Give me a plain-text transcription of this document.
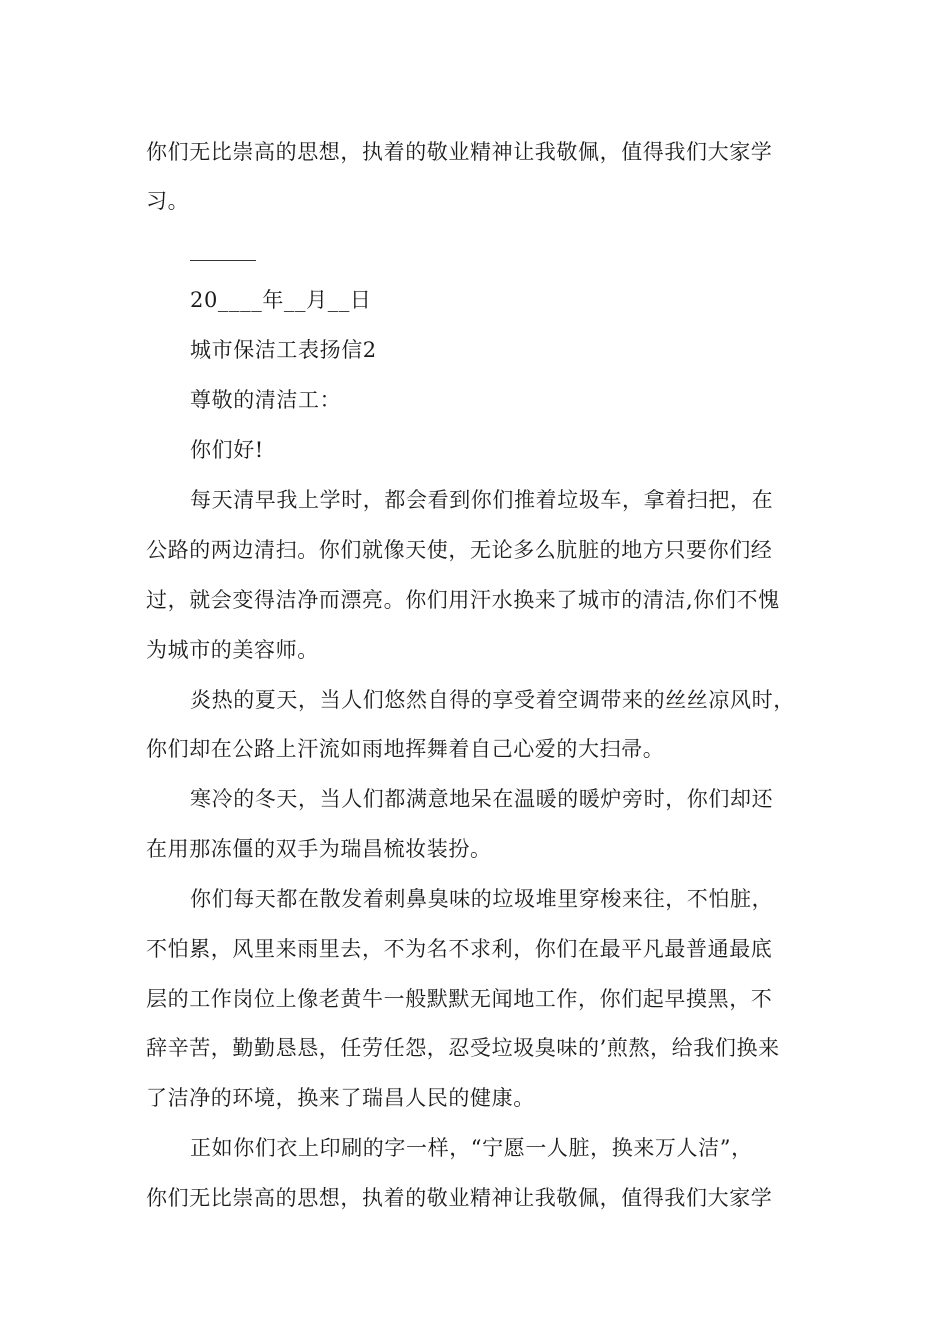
你们无比崇高的思想，执着的敬业精神让我敬佩，值得我们大家学
习。
20____年__月__日
城市保洁工表扬信2
尊敬的清洁工：
你们好!
每天清早我上学时，都会看到你们推着垃圾车，拿着扫把，在
公路的两边清扫。你们就像天使，无论多么肮脏的地方只要你们经
过，就会变得洁净而漂亮。你们用汗水换来了城市的清洁,你们不愧
为城市的美容师。
炎热的夏天，当人们悠然自得的享受着空调带来的丝丝凉风时，
你们却在公路上汗流如雨地挥舞着自己心爱的大扫帚。
寒冷的冬天，当人们都满意地呆在温暖的暖炉旁时，你们却还
在用那冻僵的双手为瑞昌梳妆装扮。
你们每天都在散发着刺鼻臭味的垃圾堆里穿梭来往，不怕脏，
不怕累，风里来雨里去，不为名不求利，你们在最平凡最普通最底
层的工作岗位上像老黄牛一般默默无闻地工作，你们起早摸黑，不
辞辛苦，勤勤恳恳，任劳任怨，忍受垃圾臭味的’煎熬，给我们换来
了洁净的环境，换来了瑞昌人民的健康。
正如你们衣上印刷的字一样，“宁愿一人脏，换来万人洁”，
你们无比崇高的思想，执着的敬业精神让我敬佩，值得我们大家学
